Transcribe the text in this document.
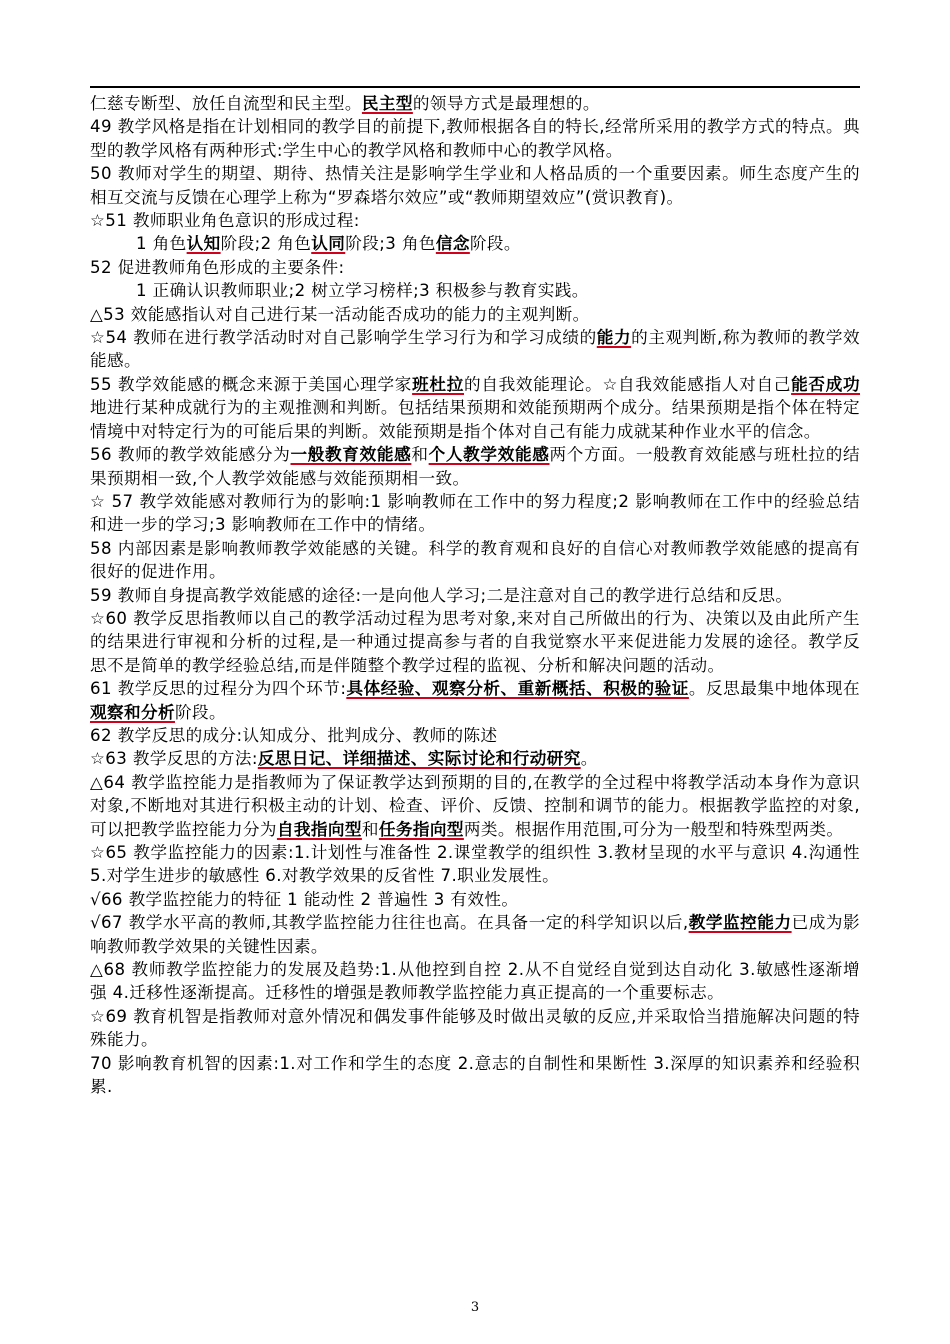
仁慈专断型、放任自流型和民主型。民主型的领导方式是最理想的。

49 教学风格是指在计划相同的教学目的前提下,教师根据各自的特长,经常所采用的教学方式的特点。典型的教学风格有两种形式:学生中心的教学风格和教师中心的教学风格。

50 教师对学生的期望、期待、热情关注是影响学生学业和人格品质的一个重要因素。师生态度产生的相互交流与反馈在心理学上称为“罗森塔尔效应”或“教师期望效应”(赏识教育)。

☆51 教师职业角色意识的形成过程:

1 角色认知阶段;2 角色认同阶段;3 角色信念阶段。

52 促进教师角色形成的主要条件:

1 正确认识教师职业;2 树立学习榜样;3 积极参与教育实践。

△53 效能感指认对自己进行某一活动能否成功的能力的主观判断。

☆54 教师在进行教学活动时对自己影响学生学习行为和学习成绩的能力的主观判断,称为教师的教学效能感。

55 教学效能感的概念来源于美国心理学家班杜拉的自我效能理论。☆自我效能感指人对自己能否成功地进行某种成就行为的主观推测和判断。包括结果预期和效能预期两个成分。结果预期是指个体在特定情境中对特定行为的可能后果的判断。效能预期是指个体对自己有能力成就某种作业水平的信念。

56 教师的教学效能感分为一般教育效能感和个人教学效能感两个方面。一般教育效能感与班杜拉的结果预期相一致,个人教学效能感与效能预期相一致。

☆ 57 教学效能感对教师行为的影响:1 影响教师在工作中的努力程度;2 影响教师在工作中的经验总结和进一步的学习;3 影响教师在工作中的情绪。

58 内部因素是影响教师教学效能感的关键。科学的教育观和良好的自信心对教师教学效能感的提高有很好的促进作用。

59 教师自身提高教学效能感的途径:一是向他人学习;二是注意对自己的教学进行总结和反思。

☆60 教学反思指教师以自己的教学活动过程为思考对象,来对自己所做出的行为、决策以及由此所产生的结果进行审视和分析的过程,是一种通过提高参与者的自我觉察水平来促进能力发展的途径。教学反思不是简单的教学经验总结,而是伴随整个教学过程的监视、分析和解决问题的活动。

61 教学反思的过程分为四个环节:具体经验、观察分析、重新概括、积极的验证。反思最集中地体现在观察和分析阶段。

62 教学反思的成分:认知成分、批判成分、教师的陈述

☆63 教学反思的方法:反思日记、详细描述、实际讨论和行动研究。

△64 教学监控能力是指教师为了保证教学达到预期的目的,在教学的全过程中将教学活动本身作为意识对象,不断地对其进行积极主动的计划、检查、评价、反馈、控制和调节的能力。根据教学监控的对象,可以把教学监控能力分为自我指向型和任务指向型两类。根据作用范围,可分为一般型和特殊型两类。

☆65 教学监控能力的因素:1.计划性与准备性 2.课堂教学的组织性 3.教材呈现的水平与意识 4.沟通性 5.对学生进步的敏感性 6.对教学效果的反省性 7.职业发展性。

√66 教学监控能力的特征 1 能动性 2 普遍性 3 有效性。

√67 教学水平高的教师,其教学监控能力往往也高。在具备一定的科学知识以后,教学监控能力已成为影响教师教学效果的关键性因素。

△68 教师教学监控能力的发展及趋势:1.从他控到自控 2.从不自觉经自觉到达自动化 3.敏感性逐渐增强 4.迁移性逐渐提高。迁移性的增强是教师教学监控能力真正提高的一个重要标志。

☆69 教育机智是指教师对意外情况和偶发事件能够及时做出灵敏的反应,并采取恰当措施解决问题的特殊能力。

70 影响教育机智的因素:1.对工作和学生的态度 2.意志的自制性和果断性 3.深厚的知识素养和经验积累.

3
